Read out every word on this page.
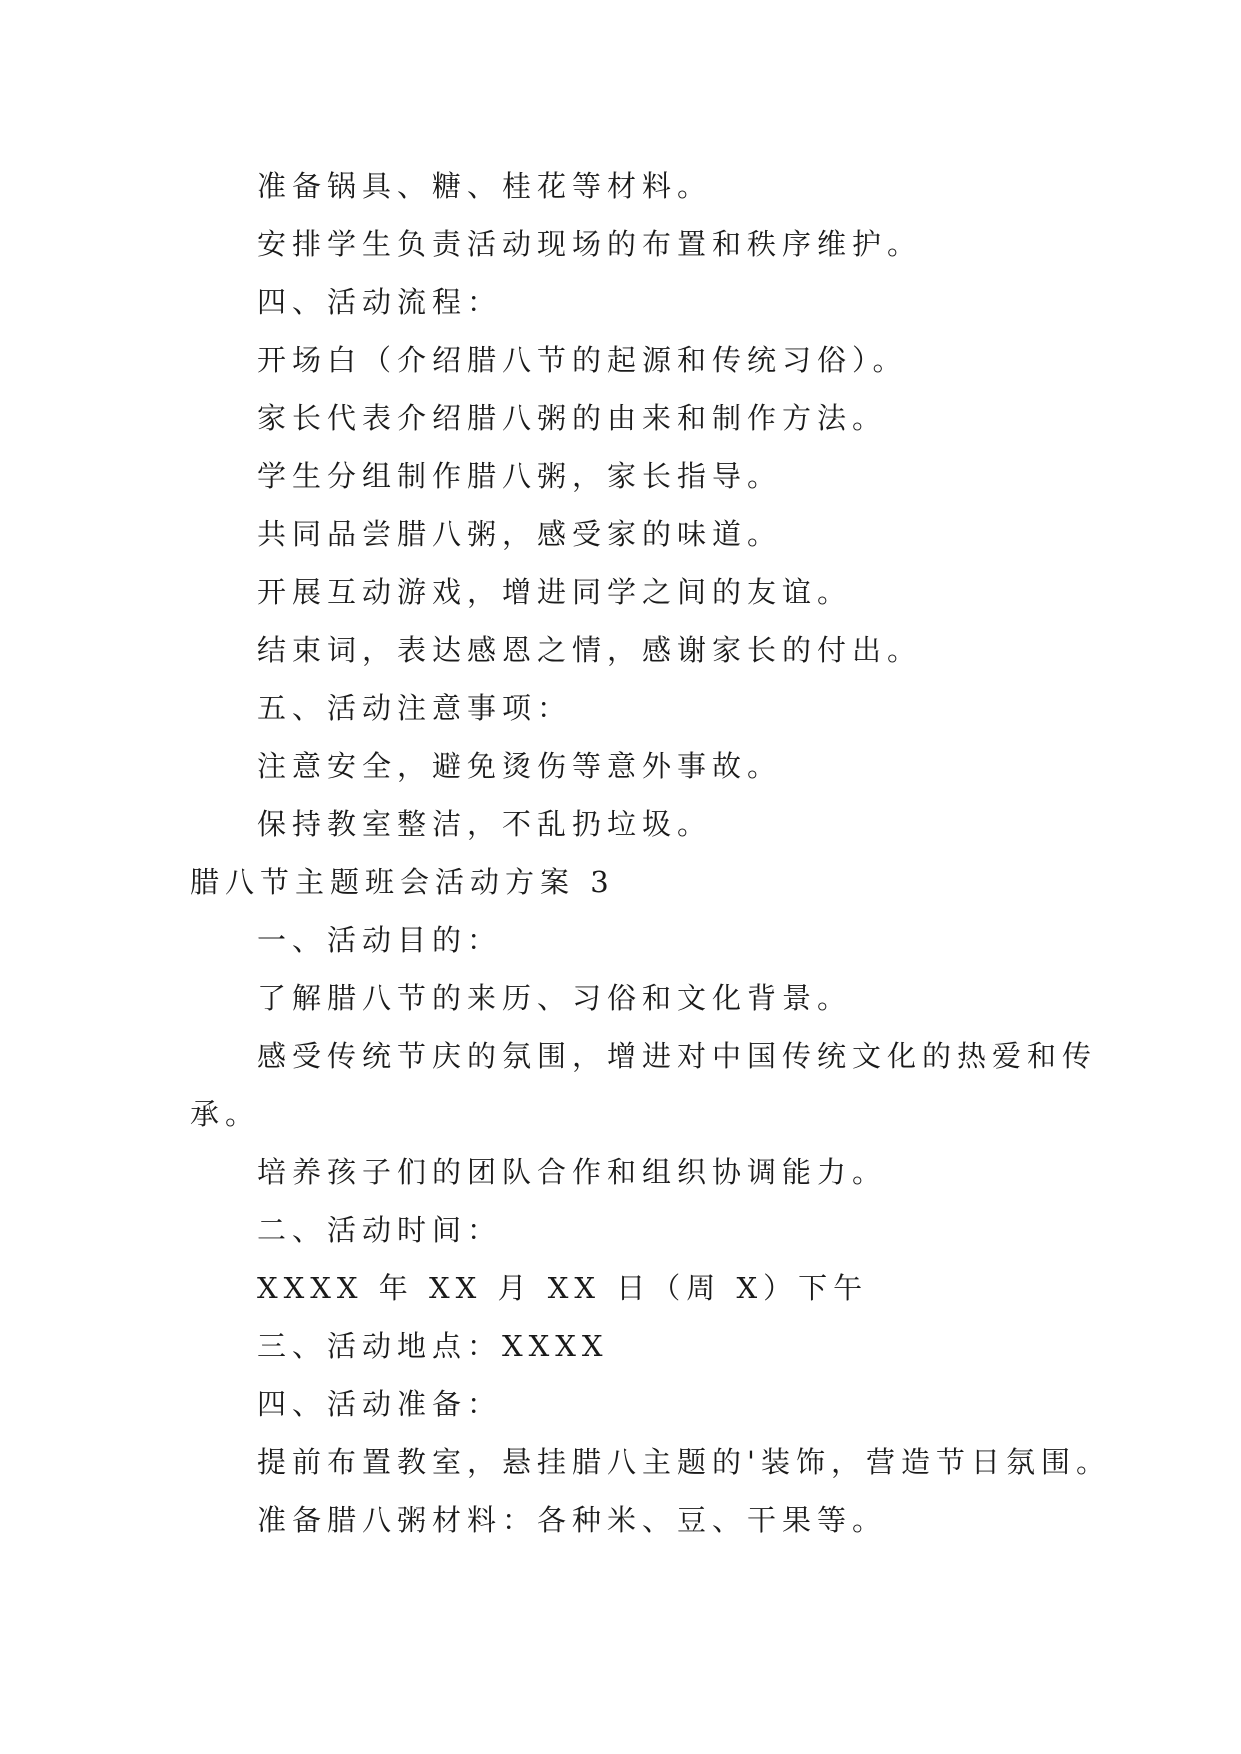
准备锅具、糖、桂花等材料。
安排学生负责活动现场的布置和秩序维护。
四、活动流程：
开场白（介绍腊八节的起源和传统习俗）。
家长代表介绍腊八粥的由来和制作方法。
学生分组制作腊八粥，家长指导。
共同品尝腊八粥，感受家的味道。
开展互动游戏，增进同学之间的友谊。
结束词，表达感恩之情，感谢家长的付出。
五、活动注意事项：
注意安全，避免烫伤等意外事故。
保持教室整洁，不乱扔垃圾。
腊八节主题班会活动方案 3
一、活动目的：
了解腊八节的来历、习俗和文化背景。
感受传统节庆的氛围，增进对中国传统文化的热爱和传
承。
培养孩子们的团队合作和组织协调能力。
二、活动时间：
XXXX 年 XX 月 XX 日（周 X）下午
三、活动地点：XXXX
四、活动准备：
提前布置教室，悬挂腊八主题的'装饰，营造节日氛围。
准备腊八粥材料：各种米、豆、干果等。
